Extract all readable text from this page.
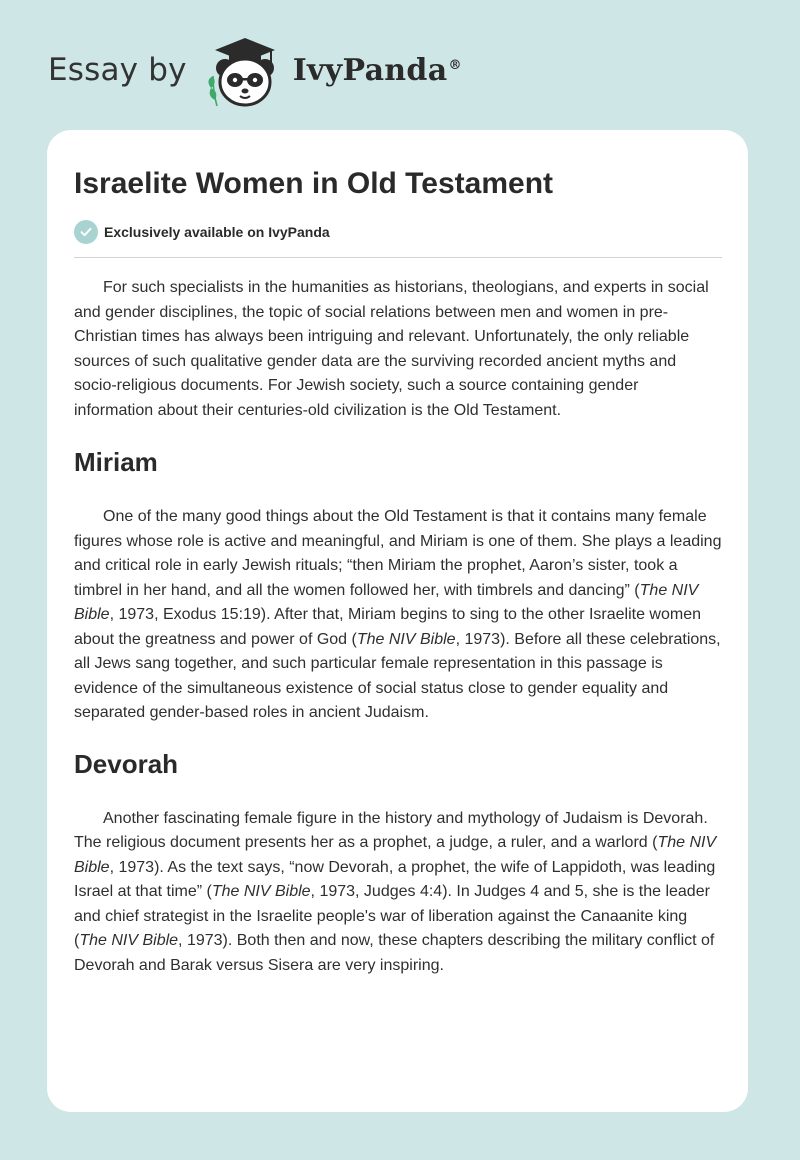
Essay by	IvyPanda®
Israelite Women in Old Testament
Exclusively available on IvyPanda

For such specialists in the humanities as historians, theologians, and experts in social and gender disciplines, the topic of social relations between men and women in pre-Christian times has always been intriguing and relevant. Unfortunately, the only reliable sources of such qualitative gender data are the surviving recorded ancient myths and socio-religious documents. For Jewish society, such a source containing gender information about their centuries-old civilization is the Old Testament.

Miriam

One of the many good things about the Old Testament is that it contains many female figures whose role is active and meaningful, and Miriam is one of them. She plays a leading and critical role in early Jewish rituals; “then Miriam the prophet, Aaron’s sister, took a timbrel in her hand, and all the women followed her, with timbrels and dancing” (The NIV Bible, 1973, Exodus 15:19). After that, Miriam begins to sing to the other Israelite women about the greatness and power of God (The NIV Bible, 1973). Before all these celebrations, all Jews sang together, and such particular female representation in this passage is evidence of the simultaneous existence of social status close to gender equality and separated gender-based roles in ancient Judaism.

Devorah

Another fascinating female figure in the history and mythology of Judaism is Devorah. The religious document presents her as a prophet, a judge, a ruler, and a warlord (The NIV Bible, 1973). As the text says, “now Devorah, a prophet, the wife of Lappidoth, was leading Israel at that time” (The NIV Bible, 1973, Judges 4:4). In Judges 4 and 5, she is the leader and chief strategist in the Israelite people's war of liberation against the Canaanite king (The NIV Bible, 1973). Both then and now, these chapters describing the military conflict of Devorah and Barak versus Sisera are very inspiring.
